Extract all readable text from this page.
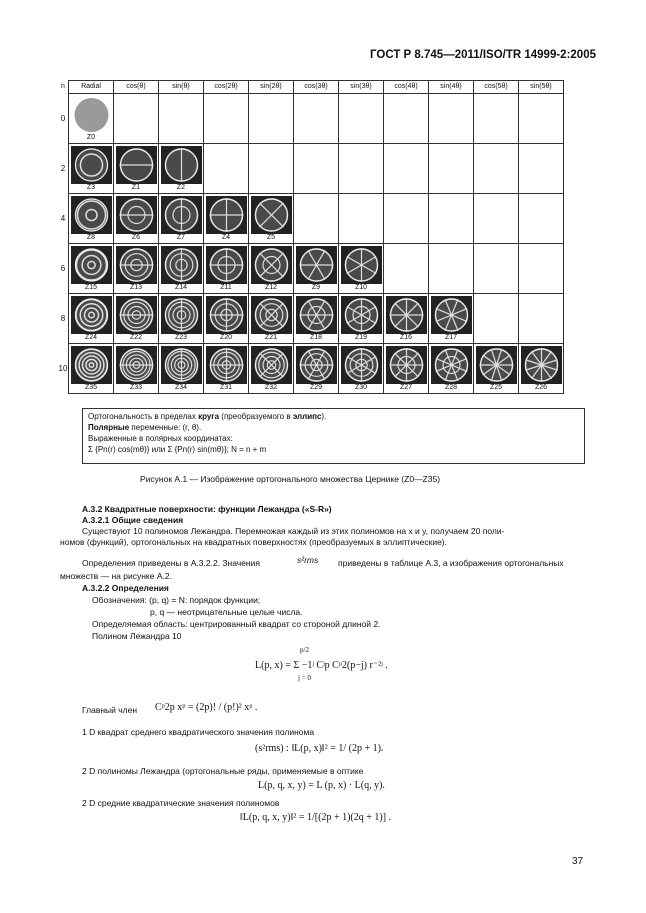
ГОСТ Р 8.745—2011/ISO/TR 14999-2:2005
n	Radial	cos(θ)	sin(θ)	cos(2θ)	sin(2θ)	cos(3θ)	sin(3θ)	cos(4θ)	sin(4θ)	cos(5θ)	sin(5θ)
0	Z0										

2	Z3	Z1	Z2								

4	Z8	Z6	Z7	Z4	Z5						

6	Z15	Z13	Z14	Z11	Z12	Z9	Z10				

8	Z24	Z22	Z23	Z20	Z21	Z18	Z19	Z16	Z17		

10	Z35	Z33	Z34	Z31	Z32	Z29	Z30	Z27	Z28	Z25	Z26
Ортогональность в пределах круга (преобразуемого в эллипс).
Полярные переменные: (r, θ).
Выраженные в полярных координатах:
Σ {Pn(r) cos(mθ)} или Σ {Pn(r) sin(mθ)}; N = n + m
Рисунок А.1 — Изображение ортогонального множества Цернике (Z0—Z35)
А.3.2 Квадратные поверхности: функции Лежандра («S-R»)
А.3.2.1 Общие сведения
Существуют 10 полиномов Лежандра. Перемножая каждый из этих полиномов на x и y, получаем 20 поли-
номов (функций), ортогональных на квадратных поверхностях (преобразуемых в эллиптические).
Определения приведены в А.3.2.2. Значения	s²rms приведены в таблице А.3, а изображения ортогональных
множеств — на рисунке А.2.
А.3.2.2 Определения
Обозначения: (p, q) = N: порядок функции;
p, q — неотрицательные целые числа.
Определяемая область: центрированный квадрат со стороной длиной 2.
Полином Лежандра 10
p/2
L(p, x) = Σ −1ʲ Cʲp Cᵖ2(p−j) r⁻²ʲ .
j = 0
Главный член Cᵖ2p xᵖ = (2p)! / (p!)² xᵖ .
1 D квадрат среднего квадратического значения полинома
(s²rms) : ‖L(p, x)‖² = 1/ (2p + 1).
2 D полиномы Лежандра (ортогональные ряды, применяемые в оптике
L(p, q, x, y) = L (p, x) · L(q, y).
2 D средние квадратические значения полиномов
‖L(p, q, x, y)‖² = 1/[(2p + 1)(2q + 1)] .
37
